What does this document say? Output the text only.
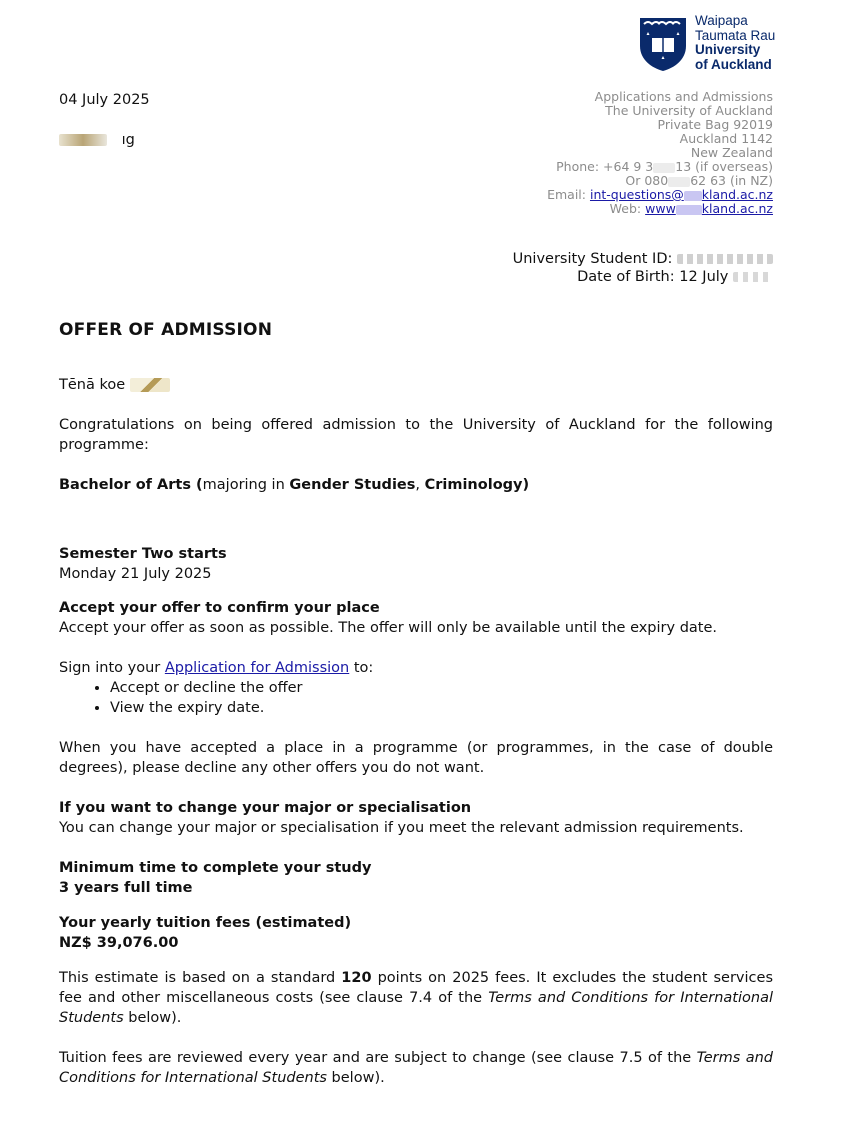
Waipapa
Taumata Rau
University
of Auckland
04 July 2025
ıg
Applications and Admissions
The University of Auckland
Private Bag 92019
Auckland 1142
New Zealand
Phone: +64 9 3 13 (if overseas)
Or 080 62 63 (in NZ)
Email: int-questions@ kland.ac.nz
Web: www kland.ac.nz
University Student ID:
Date of Birth: 12 July
OFFER OF ADMISSION
Tēnā koe
Congratulations on being offered admission to the University of Auckland for the following programme:
Bachelor of Arts (majoring in Gender Studies, Criminology)
Semester Two starts
Monday 21 July 2025
Accept your offer to confirm your place
Accept your offer as soon as possible. The offer will only be available until the expiry date.
Sign into your Application for Admission to:
• Accept or decline the offer
• View the expiry date.
When you have accepted a place in a programme (or programmes, in the case of double degrees), please decline any other offers you do not want.
If you want to change your major or specialisation
You can change your major or specialisation if you meet the relevant admission requirements.
Minimum time to complete your study
3 years full time
Your yearly tuition fees (estimated)
NZ$ 39,076.00
This estimate is based on a standard 120 points on 2025 fees. It excludes the student services fee and other miscellaneous costs (see clause 7.4 of the Terms and Conditions for International Students below).
Tuition fees are reviewed every year and are subject to change (see clause 7.5 of the Terms and Conditions for International Students below).
